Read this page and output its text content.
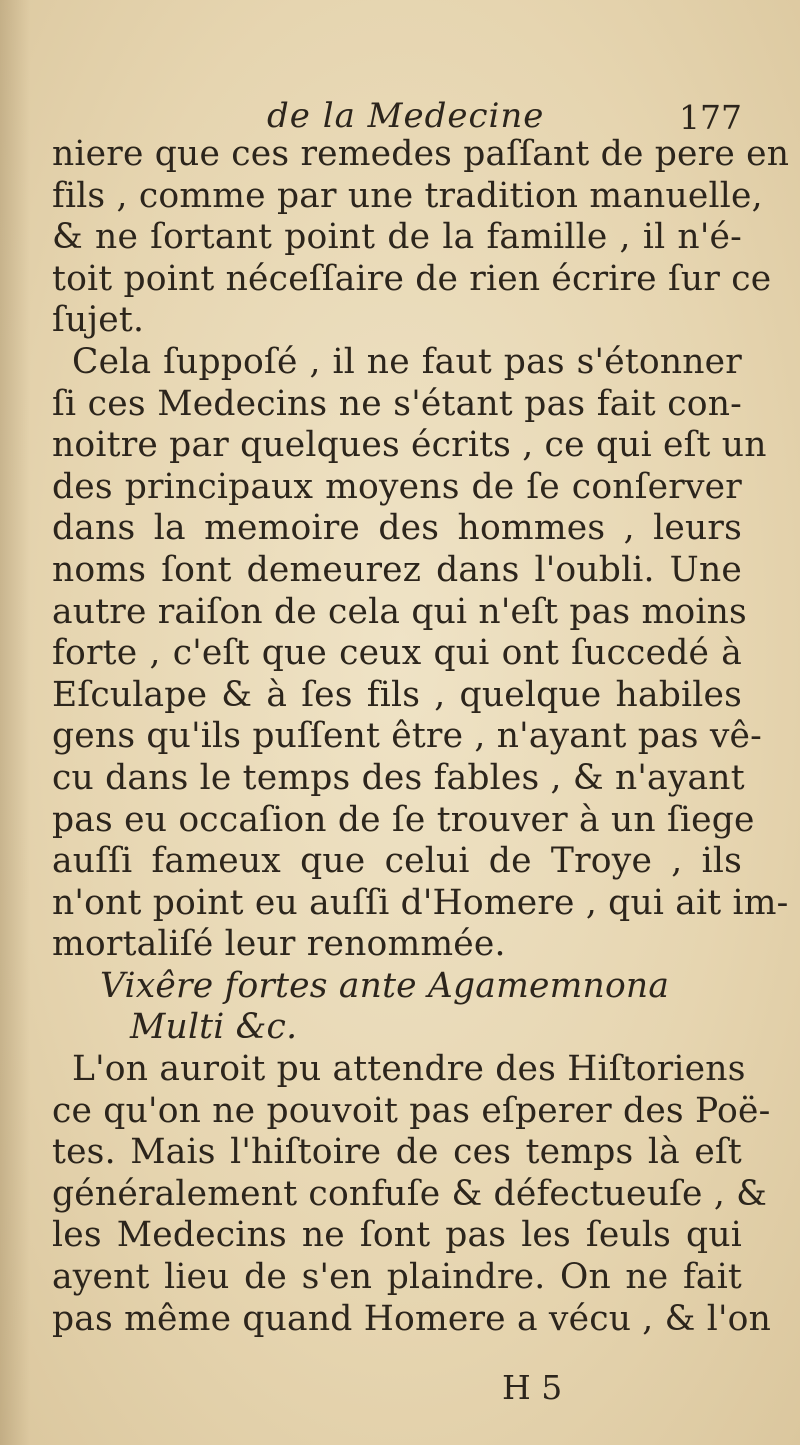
de la Medecine	177
niere que ces remedes paſſant de pere en
fils , comme par une tradition manuelle,
& ne ſortant point de la famille , il n'é-
toit point néceſſaire de rien écrire ſur ce
ſujet.
Cela ſuppoſé , il ne faut pas s'étonner
ſi ces Medecins ne s'étant pas fait con-
noitre par quelques écrits , ce qui eſt un
des principaux moyens de ſe conſerver
dans la memoire des hommes , leurs
noms ſont demeurez dans l'oubli. Une
autre raiſon de cela qui n'eſt pas moins
forte , c'eſt que ceux qui ont ſuccedé à
Eſculape & à ſes fils , quelque habiles
gens qu'ils puſſent être , n'ayant pas vê-
cu dans le temps des fables , & n'ayant
pas eu occaſion de ſe trouver à un ſiege
auſſi fameux que celui de Troye , ils
n'ont point eu auſſi d'Homere , qui ait im-
mortaliſé leur renommée.
Vixêre fortes ante Agamemnona
Multi &c.
L'on auroit pu attendre des Hiſtoriens
ce qu'on ne pouvoit pas eſperer des Poë-
tes. Mais l'hiſtoire de ces temps là eſt
généralement confuſe & défectueuſe , &
les Medecins ne ſont pas les ſeuls qui
ayent lieu de s'en plaindre. On ne fait
pas même quand Homere a vécu , & l'on
H 5
